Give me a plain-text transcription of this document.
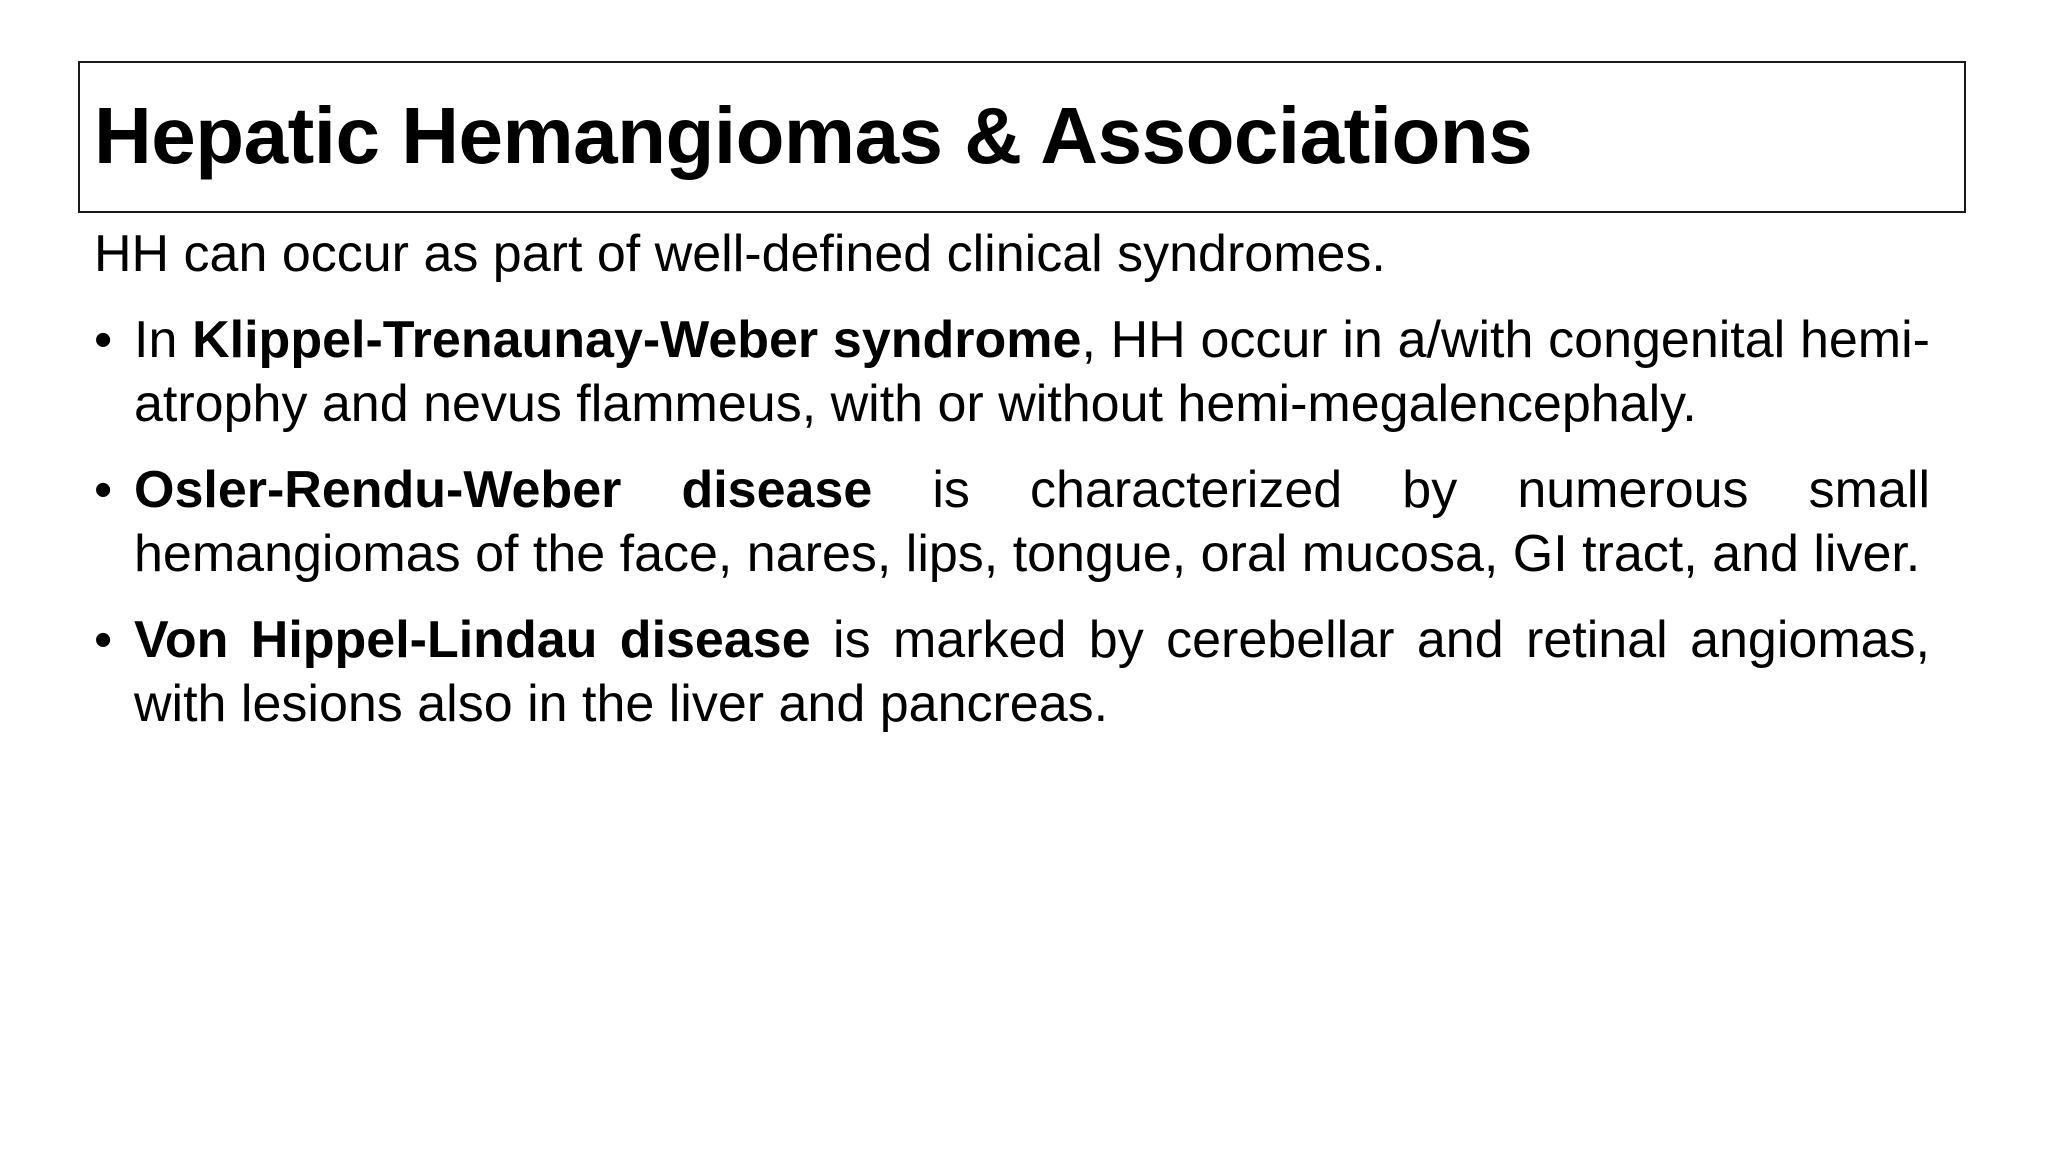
Hepatic Hemangiomas & Associations

HH can occur as part of well-defined clinical syndromes.

• In Klippel-Trenaunay-Weber syndrome, HH occur in a/with congenital hemi-atrophy and nevus flammeus, with or without hemi-megalencephaly.
• Osler-Rendu-Weber disease is characterized by numerous small hemangiomas of the face, nares, lips, tongue, oral mucosa, GI tract, and liver.
• Von Hippel-Lindau disease is marked by cerebellar and retinal angiomas, with lesions also in the liver and pancreas.
